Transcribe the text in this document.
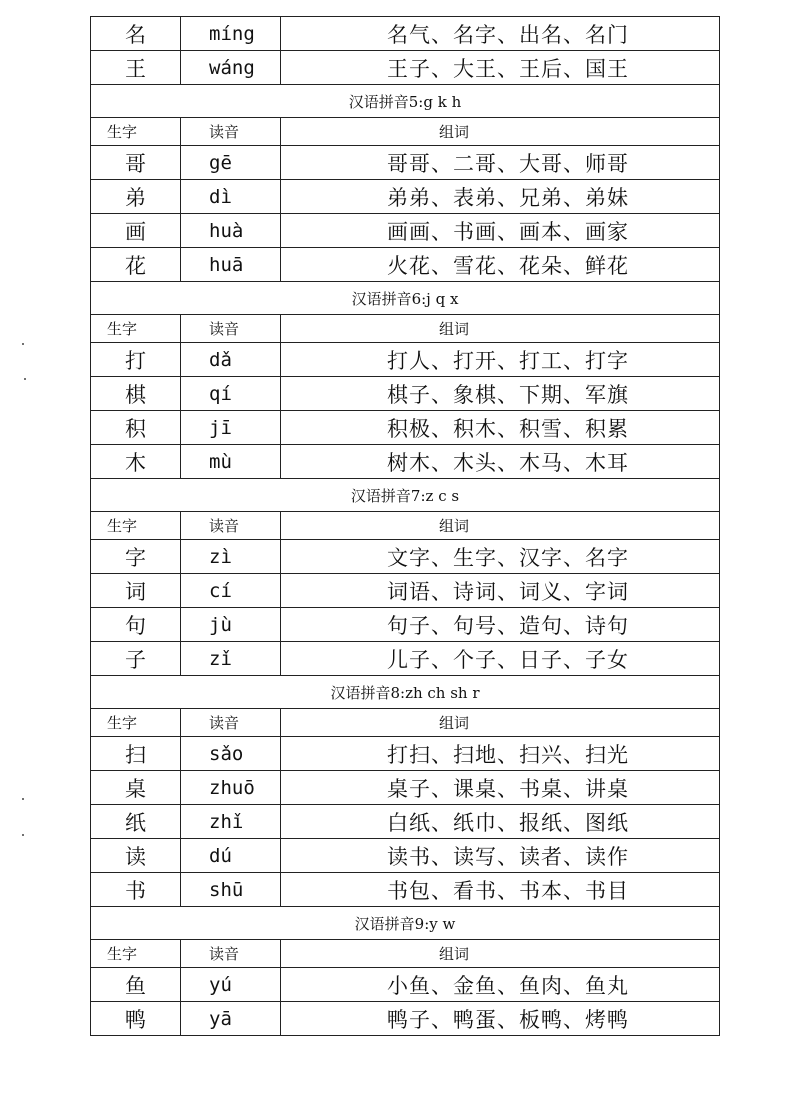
名	míng	名气、名字、出名、名门
王	wáng	王子、大王、王后、国王
汉语拼音5:g k h
生字	读音	组词
哥	gē	哥哥、二哥、大哥、师哥
弟	dì	弟弟、表弟、兄弟、弟妹
画	huà	画画、书画、画本、画家
花	huā	火花、雪花、花朵、鲜花
汉语拼音6:j q x
生字	读音	组词
打	dǎ	打人、打开、打工、打字
棋	qí	棋子、象棋、下期、军旗
积	jī	积极、积木、积雪、积累
木	mù	树木、木头、木马、木耳
汉语拼音7:z c s
生字	读音	组词
字	zì	文字、生字、汉字、名字
词	cí	词语、诗词、词义、字词
句	jù	句子、句号、造句、诗句
子	zǐ	儿子、个子、日子、子女
汉语拼音8:zh ch sh r
生字	读音	组词
扫	sǎo	打扫、扫地、扫兴、扫光
桌	zhuō	桌子、课桌、书桌、讲桌
纸	zhǐ	白纸、纸巾、报纸、图纸
读	dú	读书、读写、读者、读作
书	shū	书包、看书、书本、书目
汉语拼音9:y w
生字	读音	组词
鱼	yú	小鱼、金鱼、鱼肉、鱼丸
鸭	yā	鸭子、鸭蛋、板鸭、烤鸭
